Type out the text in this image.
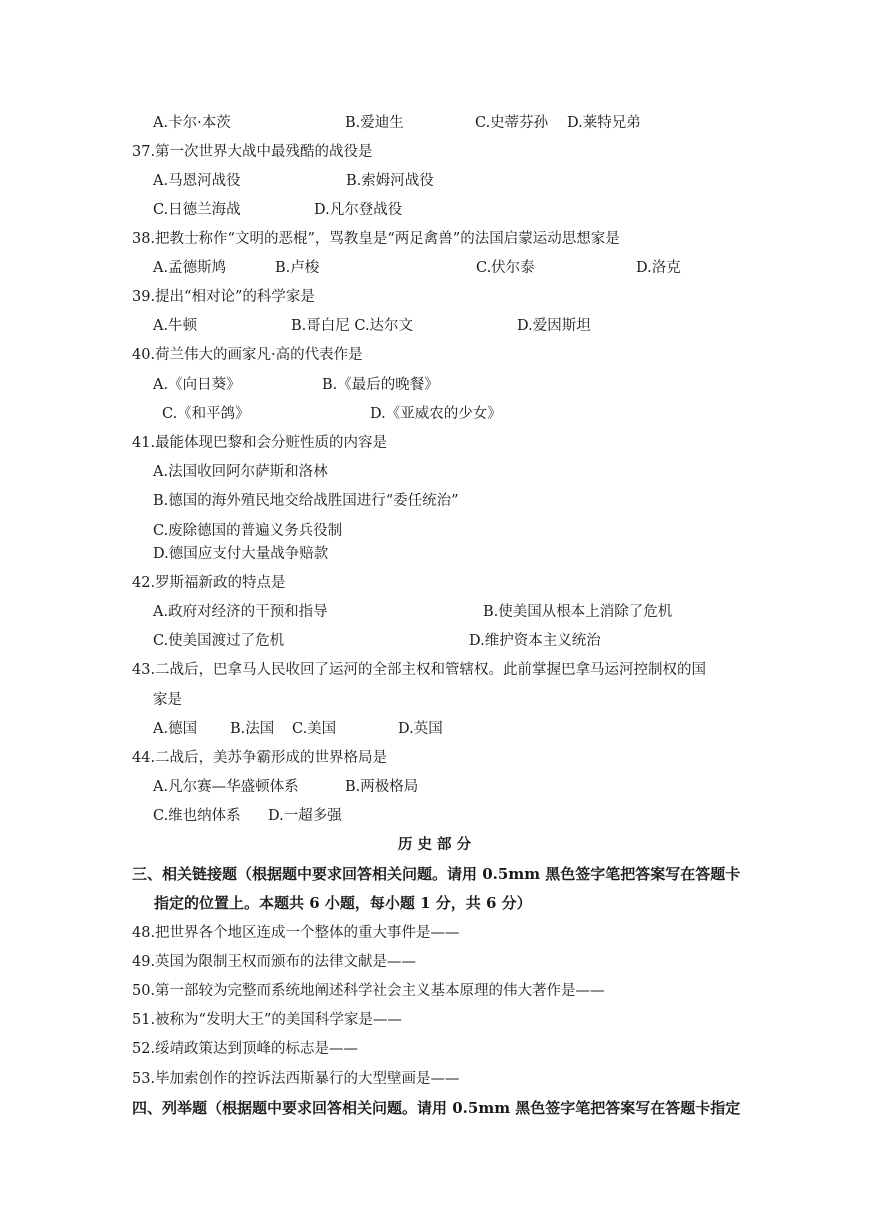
A.卡尔·本茨	B.爱迪生	C.史蒂芬孙 D.莱特兄弟
37.第一次世界大战中最残酷的战役是
A.马恩河战役	B.索姆河战役
C.日德兰海战	D.凡尔登战役
38.把教士称作“文明的恶棍”，骂教皇是“两足禽兽”的法国启蒙运动思想家是
A.孟德斯鸠	B.卢梭	C.伏尔泰	D.洛克
39.提出“相对论”的科学家是
A.牛顿	B.哥白尼 C.达尔文	D.爱因斯坦
40.荷兰伟大的画家凡·高的代表作是
A.《向日葵》	B.《最后的晚餐》
C.《和平鸽》	D.《亚威农的少女》
41.最能体现巴黎和会分赃性质的内容是
A.法国收回阿尔萨斯和洛林
B.德国的海外殖民地交给战胜国进行“委任统治”
C.废除德国的普遍义务兵役制
D.德国应支付大量战争赔款
42.罗斯福新政的特点是
A.政府对经济的干预和指导	B.使美国从根本上消除了危机
C.使美国渡过了危机	D.维护资本主义统治
43.二战后，巴拿马人民收回了运河的全部主权和管辖权。此前掌握巴拿马运河控制权的国
家是
A.德国 B.法国 C.美国	D.英国
44.二战后，美苏争霸形成的世界格局是
A.凡尔赛—华盛顿体系	B.两极格局
C.维也纳体系 D.一超多强
历 史 部 分
三、相关链接题（根据题中要求回答相关问题。请用 0.5mm 黑色签字笔把答案写在答题卡
指定的位置上。本题共 6 小题，每小题 1 分，共 6 分）
48.把世界各个地区连成一个整体的重大事件是——
49.英国为限制王权而颁布的法律文献是——
50.第一部较为完整而系统地阐述科学社会主义基本原理的伟大著作是——
51.被称为“发明大王”的美国科学家是——
52.绥靖政策达到顶峰的标志是——
53.毕加索创作的控诉法西斯暴行的大型壁画是——
四、列举题（根据题中要求回答相关问题。请用 0.5mm 黑色签字笔把答案写在答题卡指定
